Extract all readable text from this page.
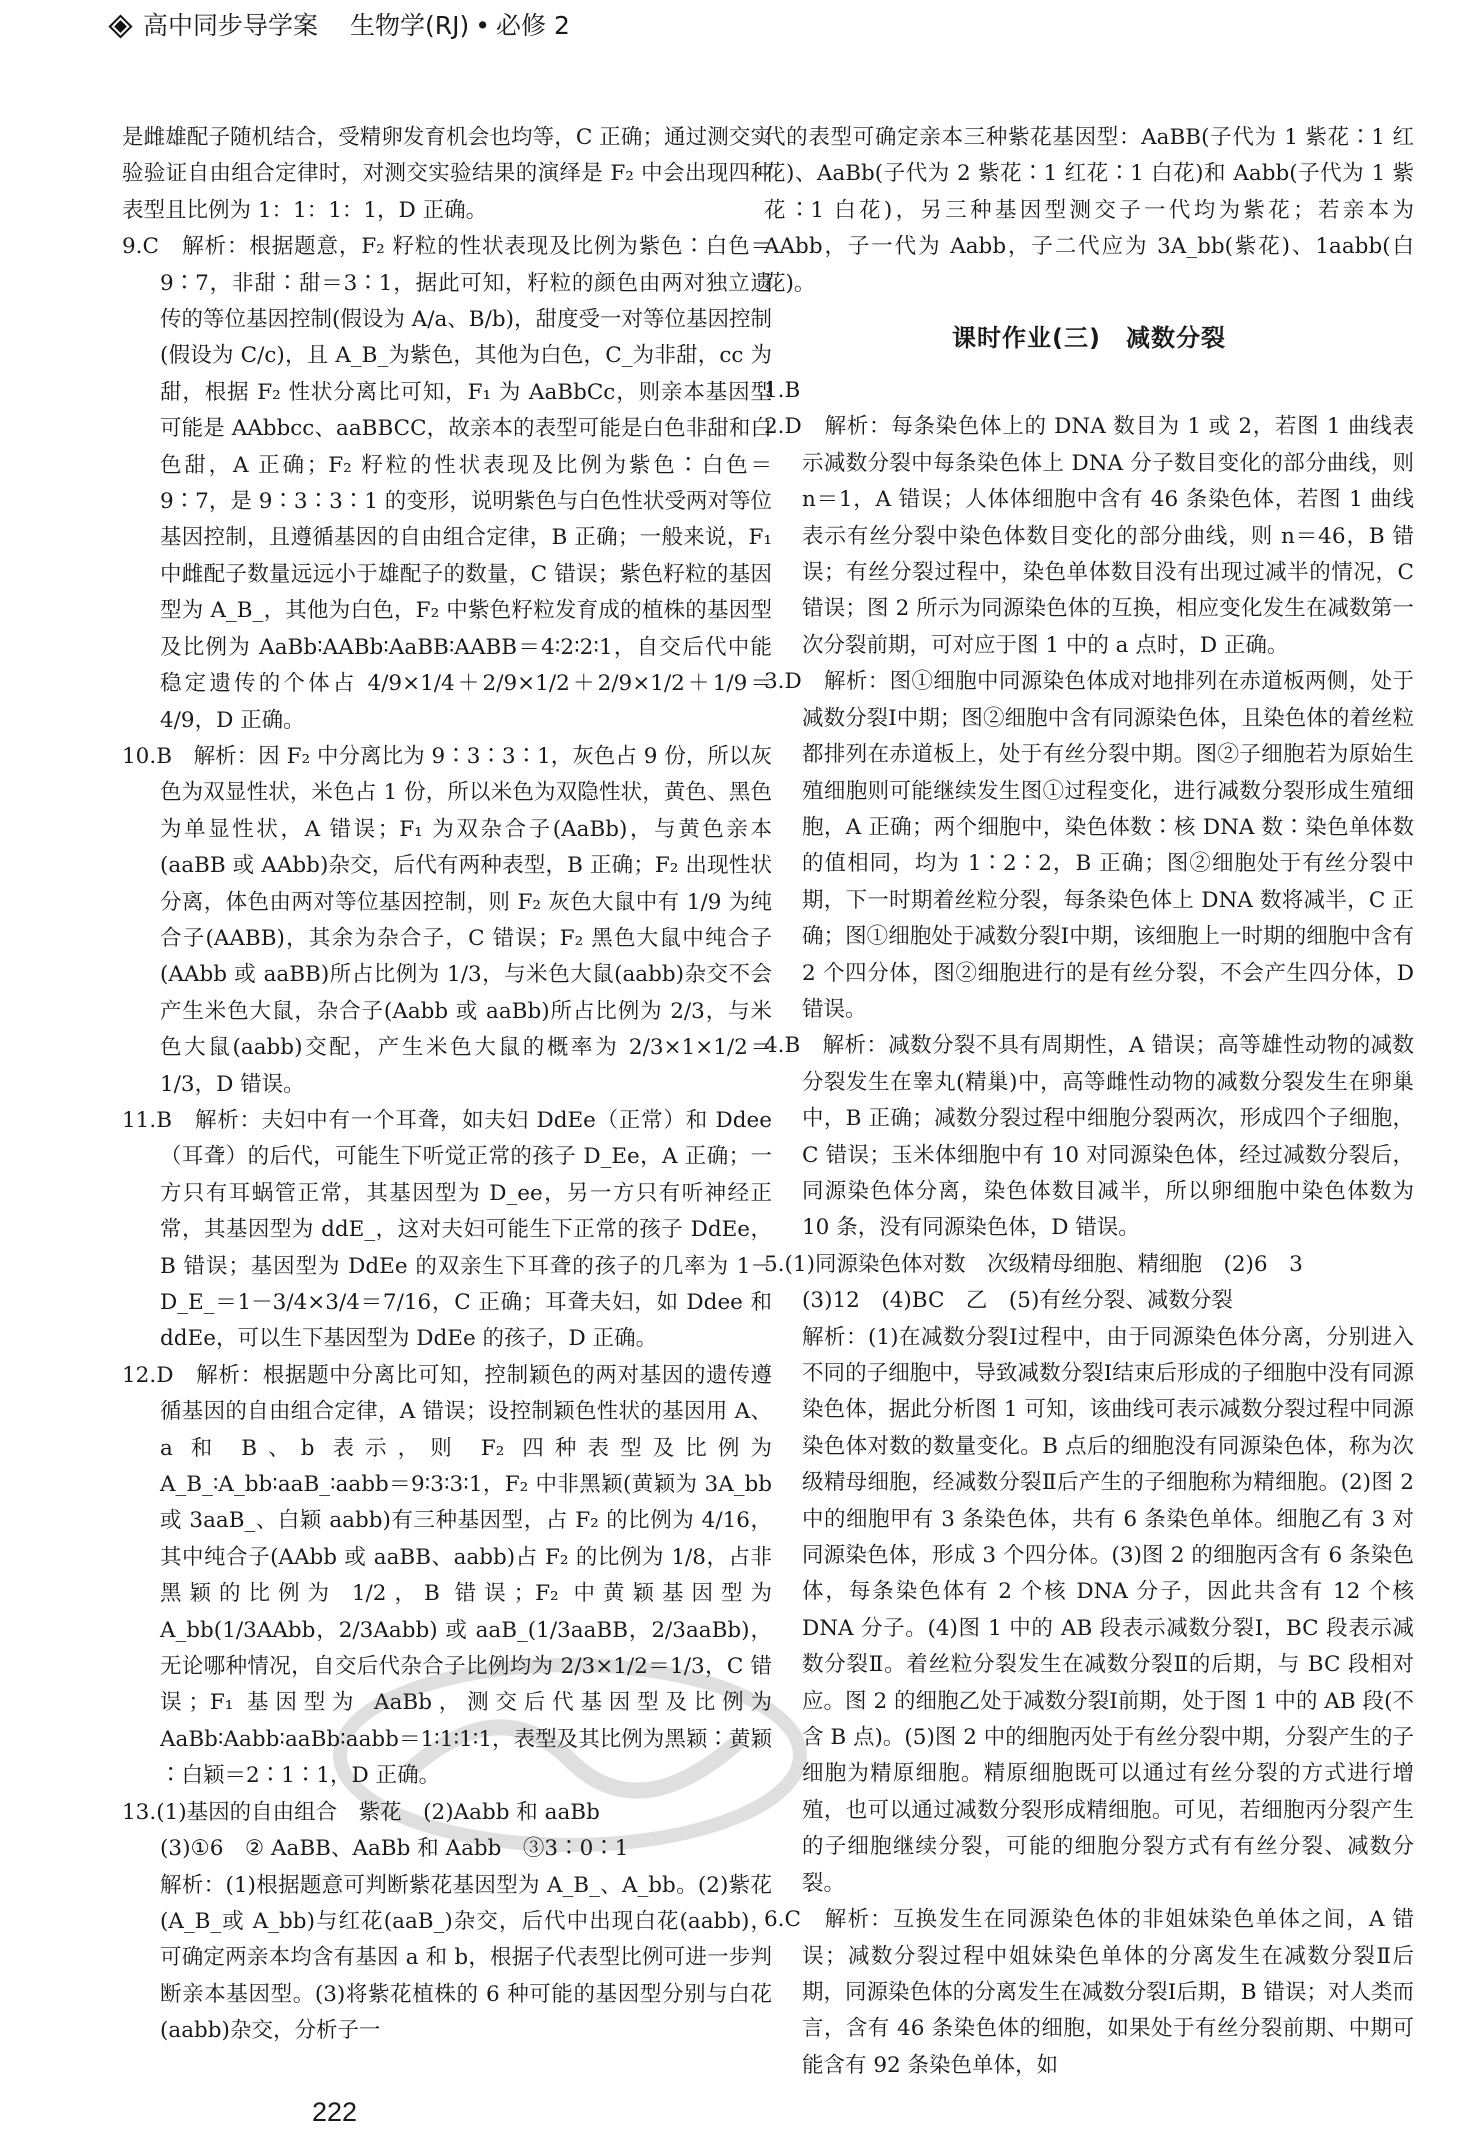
高中同步导学案 生物学(RJ) • 必修 2

是雌雄配子随机结合，受精卵发育机会也均等，C 正确；通过测交实验验证自由组合定律时，对测交实验结果的演绎是 F₂ 中会出现四种表型且比例为 1：1：1：1，D 正确。

9.C　解析：根据题意，F₂ 籽粒的性状表现及比例为紫色∶白色＝9∶7，非甜∶甜＝3∶1，据此可知，籽粒的颜色由两对独立遗传的等位基因控制(假设为 A/a、B/b)，甜度受一对等位基因控制(假设为 C/c)，且 A_B_为紫色，其他为白色，C_为非甜，cc 为甜，根据 F₂ 性状分离比可知，F₁ 为 AaBbCc，则亲本基因型可能是 AAbbcc、aaBBCC，故亲本的表型可能是白色非甜和白色甜，A 正确；F₂ 籽粒的性状表现及比例为紫色∶白色＝9∶7，是 9∶3∶3∶1 的变形，说明紫色与白色性状受两对等位基因控制，且遵循基因的自由组合定律，B 正确；一般来说，F₁ 中雌配子数量远远小于雄配子的数量，C 错误；紫色籽粒的基因型为 A_B_，其他为白色，F₂ 中紫色籽粒发育成的植株的基因型及比例为 AaBb∶AABb∶AaBB∶AABB＝4∶2∶2∶1，自交后代中能稳定遗传的个体占 4/9×1/4＋2/9×1/2＋2/9×1/2＋1/9＝4/9，D 正确。

10.B　解析：因 F₂ 中分离比为 9∶3∶3∶1，灰色占 9 份，所以灰色为双显性状，米色占 1 份，所以米色为双隐性状，黄色、黑色为单显性状，A 错误；F₁ 为双杂合子(AaBb)，与黄色亲本(aaBB 或 AAbb)杂交，后代有两种表型，B 正确；F₂ 出现性状分离，体色由两对等位基因控制，则 F₂ 灰色大鼠中有 1/9 为纯合子(AABB)，其余为杂合子，C 错误；F₂ 黑色大鼠中纯合子(AAbb 或 aaBB)所占比例为 1/3，与米色大鼠(aabb)杂交不会产生米色大鼠，杂合子(Aabb 或 aaBb)所占比例为 2/3，与米色大鼠(aabb)交配，产生米色大鼠的概率为 2/3×1×1/2＝1/3，D 错误。

11.B　解析：夫妇中有一个耳聋，如夫妇 DdEe（正常）和 Ddee（耳聋）的后代，可能生下听觉正常的孩子 D_Ee，A 正确；一方只有耳蜗管正常，其基因型为 D_ee，另一方只有听神经正常，其基因型为 ddE_，这对夫妇可能生下正常的孩子 DdEe，B 错误；基因型为 DdEe 的双亲生下耳聋的孩子的几率为 1－D_E_＝1－3/4×3/4＝7/16，C 正确；耳聋夫妇，如 Ddee 和 ddEe，可以生下基因型为 DdEe 的孩子，D 正确。

12.D　解析：根据题中分离比可知，控制颖色的两对基因的遗传遵循基因的自由组合定律，A 错误；设控制颖色性状的基因用 A、a 和 B、b 表示，则 F₂ 四种表型及比例为 A_B_∶A_bb∶aaB_∶aabb＝9∶3∶3∶1，F₂ 中非黑颖(黄颖为 3A_bb 或 3aaB_、白颖 aabb)有三种基因型，占 F₂ 的比例为 4/16，其中纯合子(AAbb 或 aaBB、aabb)占 F₂ 的比例为 1/8，占非黑颖的比例为 1/2，B 错误；F₂ 中黄颖基因型为 A_bb(1/3AAbb，2/3Aabb) 或 aaB_(1/3aaBB，2/3aaBb)，无论哪种情况，自交后代杂合子比例均为 2/3×1/2＝1/3，C 错误；F₁ 基因型为 AaBb，测交后代基因型及比例为 AaBb∶Aabb∶aaBb∶aabb＝1∶1∶1∶1，表型及其比例为黑颖∶黄颖∶白颖＝2∶1∶1，D 正确。

13.(1)基因的自由组合　紫花　(2)Aabb 和 aaBb

(3)①6　② AaBB、AaBb 和 Aabb　③3∶0∶1

解析：(1)根据题意可判断紫花基因型为 A_B_、A_bb。(2)紫花(A_B_或 A_bb)与红花(aaB_)杂交，后代中出现白花(aabb)，可确定两亲本均含有基因 a 和 b，根据子代表型比例可进一步判断亲本基因型。(3)将紫花植株的 6 种可能的基因型分别与白花(aabb)杂交，分析子一

代的表型可确定亲本三种紫花基因型：AaBB(子代为 1 紫花∶1 红花)、AaBb(子代为 2 紫花∶1 红花∶1 白花)和 Aabb(子代为 1 紫花∶1 白花)，另三种基因型测交子一代均为紫花；若亲本为 AAbb，子一代为 Aabb，子二代应为 3A_bb(紫花)、1aabb(白花)。

课时作业(三)　减数分裂

1.B

2.D　解析：每条染色体上的 DNA 数目为 1 或 2，若图 1 曲线表示减数分裂中每条染色体上 DNA 分子数目变化的部分曲线，则 n＝1，A 错误；人体体细胞中含有 46 条染色体，若图 1 曲线表示有丝分裂中染色体数目变化的部分曲线，则 n＝46，B 错误；有丝分裂过程中，染色单体数目没有出现过减半的情况，C 错误；图 2 所示为同源染色体的互换，相应变化发生在减数第一次分裂前期，可对应于图 1 中的 a 点时，D 正确。

3.D　解析：图①细胞中同源染色体成对地排列在赤道板两侧，处于减数分裂Ⅰ中期；图②细胞中含有同源染色体，且染色体的着丝粒都排列在赤道板上，处于有丝分裂中期。图②子细胞若为原始生殖细胞则可能继续发生图①过程变化，进行减数分裂形成生殖细胞，A 正确；两个细胞中，染色体数∶核 DNA 数∶染色单体数的值相同，均为 1∶2∶2，B 正确；图②细胞处于有丝分裂中期，下一时期着丝粒分裂，每条染色体上 DNA 数将减半，C 正确；图①细胞处于减数分裂Ⅰ中期，该细胞上一时期的细胞中含有 2 个四分体，图②细胞进行的是有丝分裂，不会产生四分体，D 错误。

4.B　解析：减数分裂不具有周期性，A 错误；高等雄性动物的减数分裂发生在睾丸(精巢)中，高等雌性动物的减数分裂发生在卵巢中，B 正确；减数分裂过程中细胞分裂两次，形成四个子细胞，C 错误；玉米体细胞中有 10 对同源染色体，经过减数分裂后，同源染色体分离，染色体数目减半，所以卵细胞中染色体数为 10 条，没有同源染色体，D 错误。

5.(1)同源染色体对数　次级精母细胞、精细胞　(2)6　3

(3)12　(4)BC　乙　(5)有丝分裂、减数分裂

解析：(1)在减数分裂Ⅰ过程中，由于同源染色体分离，分别进入不同的子细胞中，导致减数分裂Ⅰ结束后形成的子细胞中没有同源染色体，据此分析图 1 可知，该曲线可表示减数分裂过程中同源染色体对数的数量变化。B 点后的细胞没有同源染色体，称为次级精母细胞，经减数分裂Ⅱ后产生的子细胞称为精细胞。(2)图 2 中的细胞甲有 3 条染色体，共有 6 条染色单体。细胞乙有 3 对同源染色体，形成 3 个四分体。(3)图 2 的细胞丙含有 6 条染色体，每条染色体有 2 个核 DNA 分子，因此共含有 12 个核 DNA 分子。(4)图 1 中的 AB 段表示减数分裂Ⅰ，BC 段表示减数分裂Ⅱ。着丝粒分裂发生在减数分裂Ⅱ的后期，与 BC 段相对应。图 2 的细胞乙处于减数分裂Ⅰ前期，处于图 1 中的 AB 段(不含 B 点)。(5)图 2 中的细胞丙处于有丝分裂中期，分裂产生的子细胞为精原细胞。精原细胞既可以通过有丝分裂的方式进行增殖，也可以通过减数分裂形成精细胞。可见，若细胞丙分裂产生的子细胞继续分裂，可能的细胞分裂方式有有丝分裂、减数分裂。

6.C　解析：互换发生在同源染色体的非姐妹染色单体之间，A 错误；减数分裂过程中姐妹染色单体的分离发生在减数分裂Ⅱ后期，同源染色体的分离发生在减数分裂Ⅰ后期，B 错误；对人类而言，含有 46 条染色体的细胞，如果处于有丝分裂前期、中期可能含有 92 条染色单体，如

222
